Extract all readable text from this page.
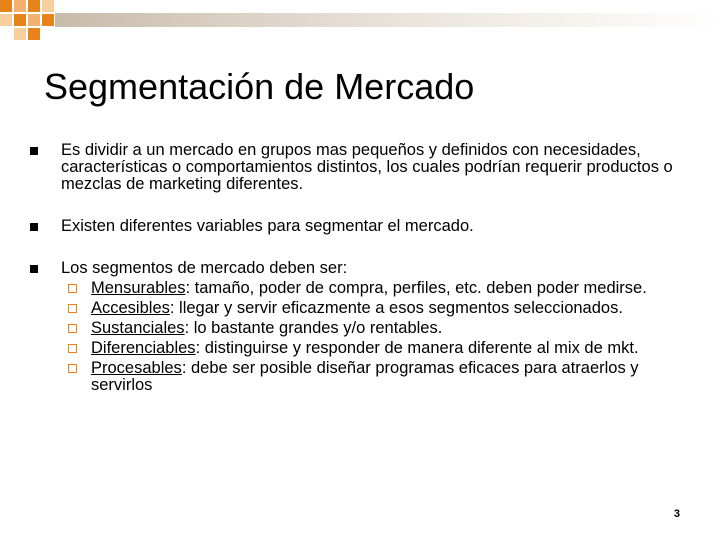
Segmentación de Mercado
Es dividir a un mercado en grupos mas pequeños y definidos con necesidades, características o comportamientos distintos, los cuales podrían requerir productos o mezclas de marketing diferentes.
Existen diferentes variables para segmentar el mercado.
Los segmentos de mercado deben ser:
Mensurables: tamaño, poder de compra, perfiles, etc. deben poder medirse.
Accesibles: llegar y servir eficazmente a esos segmentos seleccionados.
Sustanciales: lo bastante grandes y/o rentables.
Diferenciables: distinguirse y responder de manera diferente al mix de mkt.
Procesables: debe ser posible diseñar programas eficaces para atraerlos y servirlos
3
